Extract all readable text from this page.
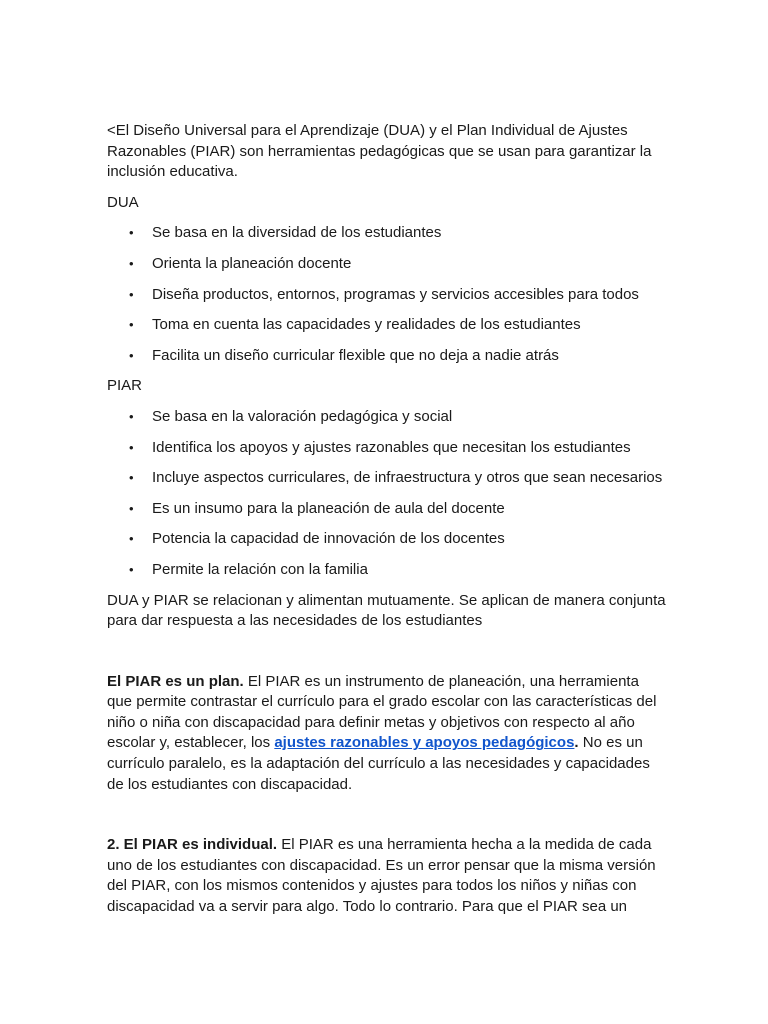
<El Diseño Universal para el Aprendizaje (DUA) y el Plan Individual de Ajustes Razonables (PIAR) son herramientas pedagógicas que se usan para garantizar la inclusión educativa.

DUA

• Se basa en la diversidad de los estudiantes
• Orienta la planeación docente
• Diseña productos, entornos, programas y servicios accesibles para todos
• Toma en cuenta las capacidades y realidades de los estudiantes
• Facilita un diseño curricular flexible que no deja a nadie atrás

PIAR

• Se basa en la valoración pedagógica y social
• Identifica los apoyos y ajustes razonables que necesitan los estudiantes
• Incluye aspectos curriculares, de infraestructura y otros que sean necesarios
• Es un insumo para la planeación de aula del docente
• Potencia la capacidad de innovación de los docentes
• Permite la relación con la familia

DUA y PIAR se relacionan y alimentan mutuamente. Se aplican de manera conjunta para dar respuesta a las necesidades de los estudiantes

El PIAR es un plan. El PIAR es un instrumento de planeación, una herramienta que permite contrastar el currículo para el grado escolar con las características del niño o niña con discapacidad para definir metas y objetivos con respecto al año escolar y, establecer, los ajustes razonables y apoyos pedagógicos. No es un currículo paralelo, es la adaptación del currículo a las necesidades y capacidades de los estudiantes con discapacidad.

2. El PIAR es individual. El PIAR es una herramienta hecha a la medida de cada uno de los estudiantes con discapacidad. Es un error pensar que la misma versión del PIAR, con los mismos contenidos y ajustes para todos los niños y niñas con discapacidad va a servir para algo. Todo lo contrario. Para que el PIAR sea un
